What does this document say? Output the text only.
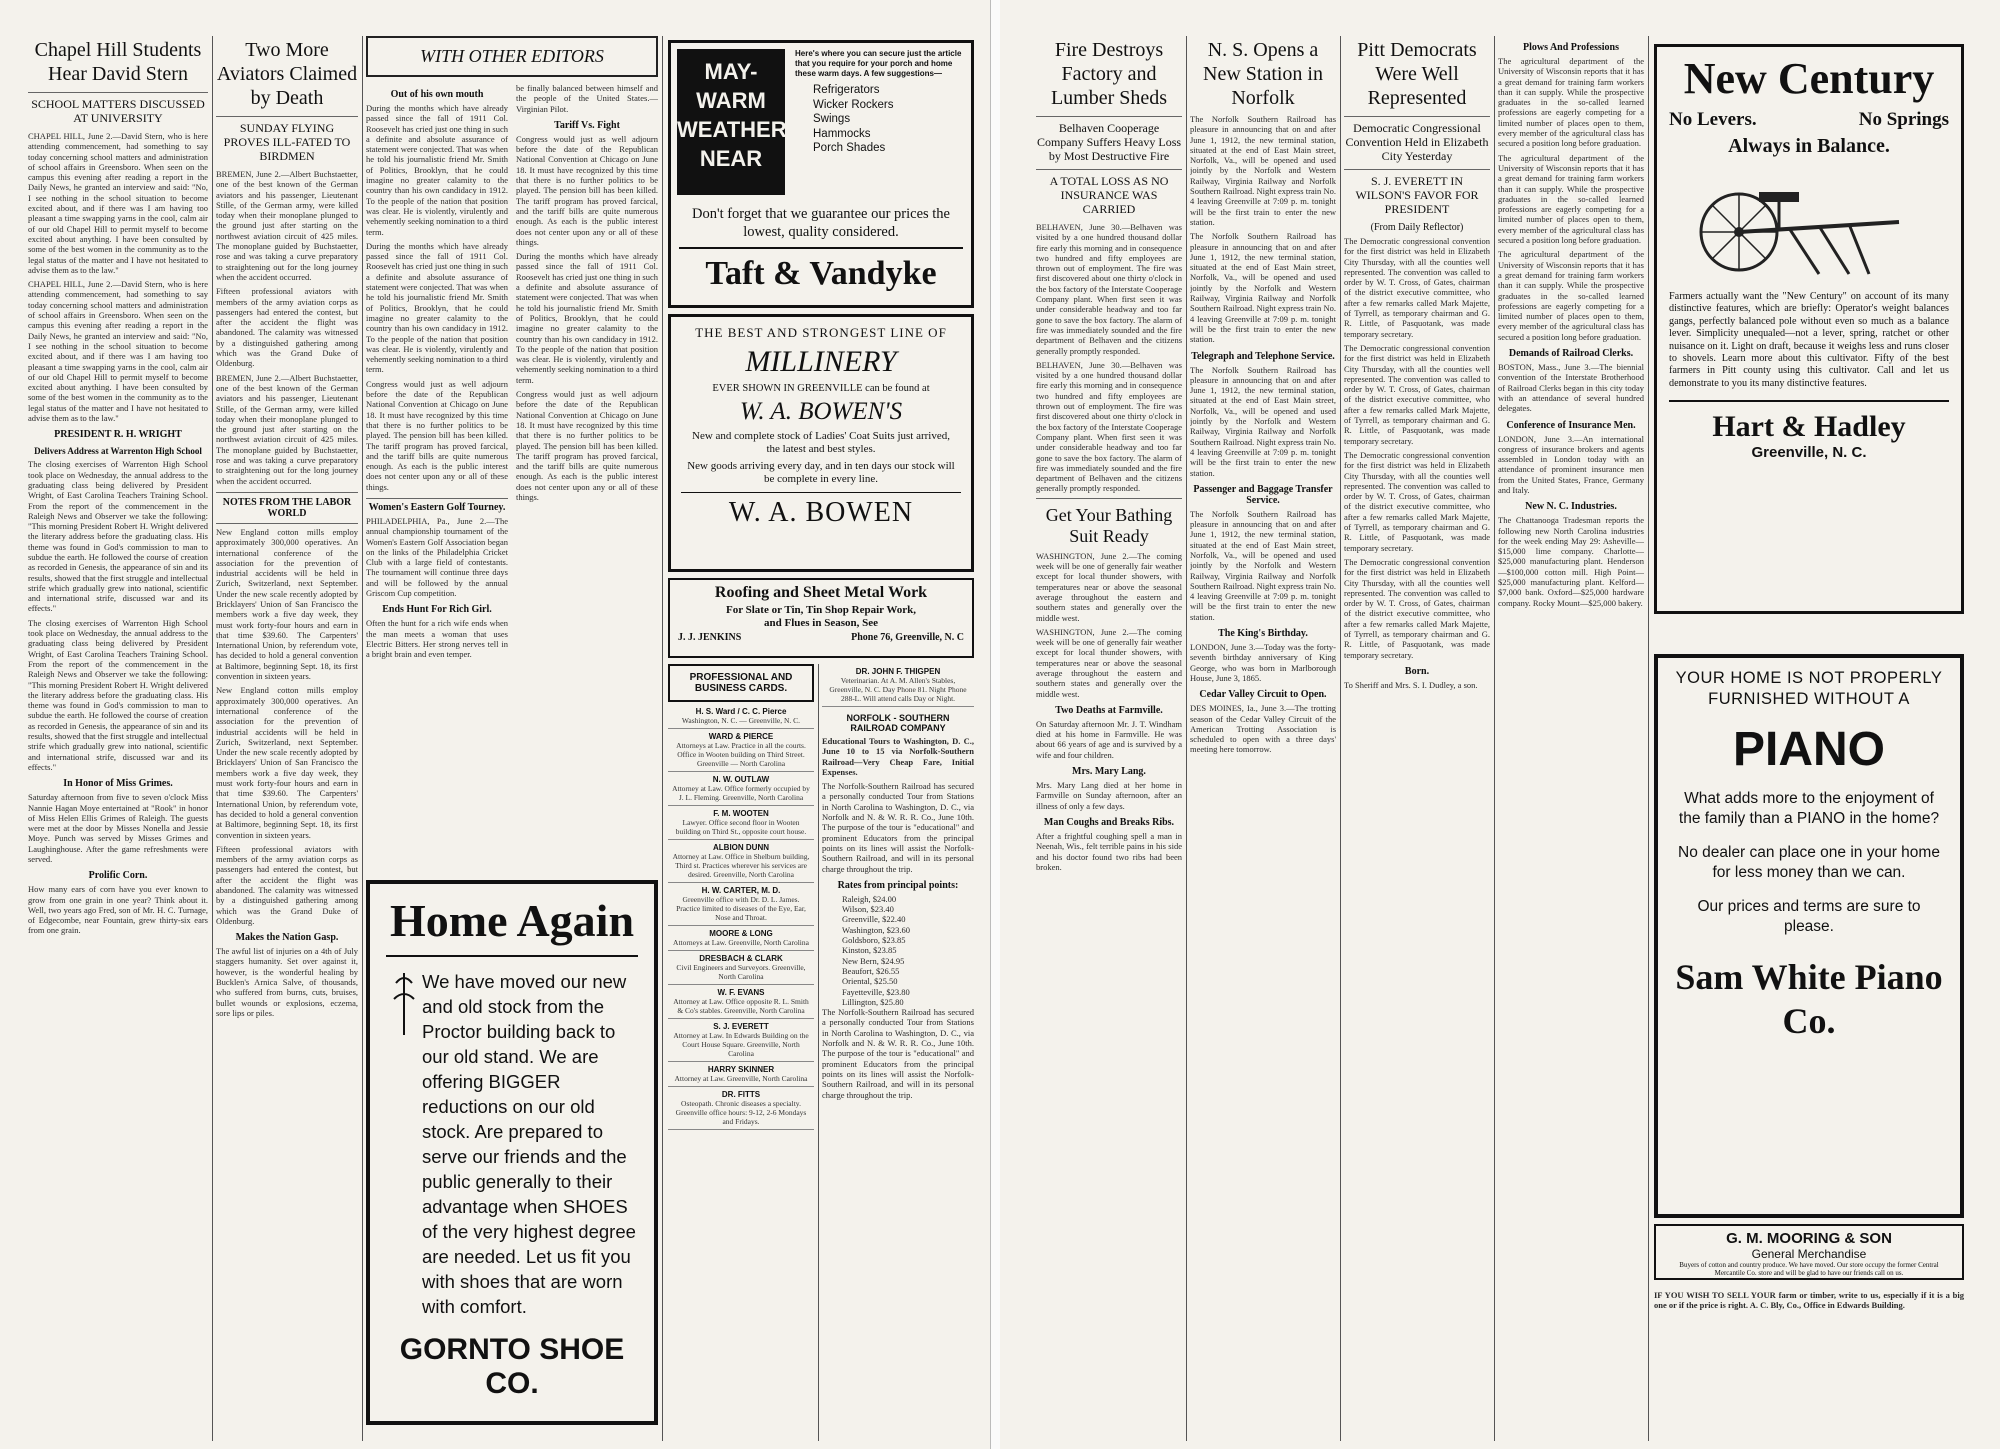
Chapel Hill Students Hear David Stern
SCHOOL MATTERS DISCUSSED AT UNIVERSITY

CHAPEL HILL, June 2.—David Stern, who is here attending commencement, had something to say today concerning school matters and administration of school affairs in Greensboro. When seen on the campus this evening after reading a report in the Daily News, he granted an interview and said: "No, I see nothing in the school situation to become excited about, and if there was I am having too pleasant a time swapping yarns in the cool, calm air of our old Chapel Hill to permit myself to become excited about anything. I have been consulted by some of the best women in the community as to the legal status of the matter and I have not hesitated to advise them as to the law."

CHAPEL HILL, June 2.—David Stern, who is here attending commencement, had something to say today concerning school matters and administration of school affairs in Greensboro. When seen on the campus this evening after reading a report in the Daily News, he granted an interview and said: "No, I see nothing in the school situation to become excited about, and if there was I am having too pleasant a time swapping yarns in the cool, calm air of our old Chapel Hill to permit myself to become excited about anything. I have been consulted by some of the best women in the community as to the legal status of the matter and I have not hesitated to advise them as to the law."

PRESIDENT R. H. WRIGHT
Delivers Address at Warrenton High School

The closing exercises of Warrenton High School took place on Wednesday, the annual address to the graduating class being delivered by President Wright, of East Carolina Teachers Training School. From the report of the commencement in the Raleigh News and Observer we take the following: "This morning President Robert H. Wright delivered the literary address before the graduating class. His theme was found in God's commission to man to subdue the earth. He followed the course of creation as recorded in Genesis, the appearance of sin and its results, showed that the first struggle and intellectual strife which gradually grew into national, scientific and international strife, discussed war and its effects."

The closing exercises of Warrenton High School took place on Wednesday, the annual address to the graduating class being delivered by President Wright, of East Carolina Teachers Training School. From the report of the commencement in the Raleigh News and Observer we take the following: "This morning President Robert H. Wright delivered the literary address before the graduating class. His theme was found in God's commission to man to subdue the earth. He followed the course of creation as recorded in Genesis, the appearance of sin and its results, showed that the first struggle and intellectual strife which gradually grew into national, scientific and international strife, discussed war and its effects."

In Honor of Miss Grimes.

Saturday afternoon from five to seven o'clock Miss Nannie Hagan Moye entertained at "Rook" in honor of Miss Helen Ellis Grimes of Raleigh. The guests were met at the door by Misses Nonella and Jessie Moye. Punch was served by Misses Grimes and Laughinghouse. After the game refreshments were served.

Prolific Corn.

How many ears of corn have you ever known to grow from one grain in one year? Think about it. Well, two years ago Fred, son of Mr. H. C. Turnage, of Edgecombe, near Fountain, grew thirty-six ears from one grain.

Two More Aviators Claimed by Death
SUNDAY FLYING PROVES ILL-FATED TO BIRDMEN

BREMEN, June 2.—Albert Buchstaetter, one of the best known of the German aviators and his passenger, Lieutenant Stille, of the German army, were killed today when their monoplane plunged to the ground just after starting on the northwest aviation circuit of 425 miles. The monoplane guided by Buchstaetter, rose and was taking a curve preparatory to straightening out for the long journey when the accident occurred.

Fifteen professional aviators with members of the army aviation corps as passengers had entered the contest, but after the accident the flight was abandoned. The calamity was witnessed by a distinguished gathering among which was the Grand Duke of Oldenburg.

BREMEN, June 2.—Albert Buchstaetter, one of the best known of the German aviators and his passenger, Lieutenant Stille, of the German army, were killed today when their monoplane plunged to the ground just after starting on the northwest aviation circuit of 425 miles. The monoplane guided by Buchstaetter, rose and was taking a curve preparatory to straightening out for the long journey when the accident occurred.

NOTES FROM THE LABOR WORLD

New England cotton mills employ approximately 300,000 operatives. An international conference of the association for the prevention of industrial accidents will be held in Zurich, Switzerland, next September. Under the new scale recently adopted by Bricklayers' Union of San Francisco the members work a five day week, they must work forty-four hours and earn in that time $39.60. The Carpenters' International Union, by referendum vote, has decided to hold a general convention at Baltimore, beginning Sept. 18, its first convention in sixteen years.

New England cotton mills employ approximately 300,000 operatives. An international conference of the association for the prevention of industrial accidents will be held in Zurich, Switzerland, next September. Under the new scale recently adopted by Bricklayers' Union of San Francisco the members work a five day week, they must work forty-four hours and earn in that time $39.60. The Carpenters' International Union, by referendum vote, has decided to hold a general convention at Baltimore, beginning Sept. 18, its first convention in sixteen years.

Fifteen professional aviators with members of the army aviation corps as passengers had entered the contest, but after the accident the flight was abandoned. The calamity was witnessed by a distinguished gathering among which was the Grand Duke of Oldenburg.

Makes the Nation Gasp.

The awful list of injuries on a 4th of July staggers humanity. Set over against it, however, is the wonderful healing by Bucklen's Arnica Salve, of thousands, who suffered from burns, cuts, bruises, bullet wounds or explosions, eczema, sore lips or piles.

WITH OTHER EDITORS
Out of his own mouth

During the months which have already passed since the fall of 1911 Col. Roosevelt has cried just one thing in such a definite and absolute assurance of statement were conjected. That was when he told his journalistic friend Mr. Smith of Politics, Brooklyn, that he could imagine no greater calamity to the country than his own candidacy in 1912. To the people of the nation that position was clear. He is violently, virulently and vehemently seeking nomination to a third term.

During the months which have already passed since the fall of 1911 Col. Roosevelt has cried just one thing in such a definite and absolute assurance of statement were conjected. That was when he told his journalistic friend Mr. Smith of Politics, Brooklyn, that he could imagine no greater calamity to the country than his own candidacy in 1912. To the people of the nation that position was clear. He is violently, virulently and vehemently seeking nomination to a third term.

Congress would just as well adjourn before the date of the Republican National Convention at Chicago on June 18. It must have recognized by this time that there is no further politics to be played. The pension bill has been killed. The tariff program has proved farcical, and the tariff bills are quite numerous enough. As each is the public interest does not center upon any or all of these things.

Women's Eastern Golf Tourney.

PHILADELPHIA, Pa., June 2.—The annual championship tournament of the Women's Eastern Golf Association began on the links of the Philadelphia Cricket Club with a large field of contestants. The tournament will continue three days and will be followed by the annual Griscom Cup competition.

Ends Hunt For Rich Girl.

Often the hunt for a rich wife ends when the man meets a woman that uses Electric Bitters. Her strong nerves tell in a bright brain and even temper.

be finally balanced between himself and the people of the United States.—Virginian Pilot.

Tariff Vs. Fight

Congress would just as well adjourn before the date of the Republican National Convention at Chicago on June 18. It must have recognized by this time that there is no further politics to be played. The pension bill has been killed. The tariff program has proved farcical, and the tariff bills are quite numerous enough. As each is the public interest does not center upon any or all of these things.

During the months which have already passed since the fall of 1911 Col. Roosevelt has cried just one thing in such a definite and absolute assurance of statement were conjected. That was when he told his journalistic friend Mr. Smith of Politics, Brooklyn, that he could imagine no greater calamity to the country than his own candidacy in 1912. To the people of the nation that position was clear. He is violently, virulently and vehemently seeking nomination to a third term.

Congress would just as well adjourn before the date of the Republican National Convention at Chicago on June 18. It must have recognized by this time that there is no further politics to be played. The pension bill has been killed. The tariff program has proved farcical, and the tariff bills are quite numerous enough. As each is the public interest does not center upon any or all of these things.

Home Again
We have moved our new and old stock from the Proctor building back to our old stand. We are offering BIGGER reductions on our old stock. Are prepared to serve our friends and the public generally to their advantage when SHOES of the very highest degree are needed. Let us fit you with shoes that are worn with comfort.
GORNTO SHOE CO.
MAY-
WARM
WEATHER
NEAR
Here's where you can secure just the article that you require for your porch and home these warm days. A few suggestions—
Refrigerators
Wicker Rockers
Swings
Hammocks
Porch Shades
Don't forget that we guarantee our prices the lowest, quality considered.
Taft & Vandyke
THE BEST AND STRONGEST LINE OF
MILLINERY
EVER SHOWN IN GREENVILLE can be found at
W. A. BOWEN'S
New and complete stock of Ladies' Coat Suits just arrived, the latest and best styles.
New goods arriving every day, and in ten days our stock will be complete in every line.
W. A. BOWEN
Roofing and Sheet Metal Work
For Slate or Tin, Tin Shop Repair Work, and Flues in Season, See
J. J. JENKINS	Phone 76, Greenville, N. C
PROFESSIONAL AND BUSINESS CARDS.
H. S. Ward / C. C. Pierce
Washington, N. C. — Greenville, N. C.
WARD & PIERCE
Attorneys at Law. Practice in all the courts. Office in Wooten building on Third Street. Greenville — North Carolina
N. W. OUTLAW
Attorney at Law. Office formerly occupied by J. L. Fleming. Greenville, North Carolina
F. M. WOOTEN
Lawyer. Office second floor in Wooten building on Third St., opposite court house.
ALBION DUNN
Attorney at Law. Office in Shelburn building, Third st. Practices wherever his services are desired. Greenville, North Carolina
H. W. CARTER, M. D.
Greenville office with Dr. D. L. James. Practice limited to diseases of the Eye, Ear, Nose and Throat.
MOORE & LONG
Attorneys at Law. Greenville, North Carolina
DRESBACH & CLARK
Civil Engineers and Surveyors. Greenville, North Carolina
W. F. EVANS
Attorney at Law. Office opposite R. L. Smith & Co's stables. Greenville, North Carolina
S. J. EVERETT
Attorney at Law. In Edwards Building on the Court House Square. Greenville, North Carolina
HARRY SKINNER
Attorney at Law. Greenville, North Carolina
DR. FITTS
Osteopath. Chronic diseases a specialty. Greenville office hours: 9-12, 2-6 Mondays and Fridays.
DR. JOHN F. THIGPEN
Veterinarian. At A. M. Allen's Stables, Greenville, N. C. Day Phone 81. Night Phone 288-L. Will attend calls Day or Night.
NORFOLK - SOUTHERN RAILROAD COMPANY

Educational Tours to Washington, D. C., June 10 to 15 via Norfolk-Southern Railroad—Very Cheap Fare, Initial Expenses.

The Norfolk-Southern Railroad has secured a personally conducted Tour from Stations in North Carolina to Washington, D. C., via Norfolk and N. & W. R. R. Co., June 10th. The purpose of the tour is "educational" and prominent Educators from the principal points on its lines will assist the Norfolk-Southern Railroad, and will in its personal charge throughout the trip.

Rates from principal points:
Raleigh, $24.00
Wilson, $23.40
Greenville, $22.40
Washington, $23.60
Goldsboro, $23.85
Kinston, $23.85
New Bern, $24.95
Beaufort, $26.55
Oriental, $25.50
Fayetteville, $23.80
Lillington, $25.80

The Norfolk-Southern Railroad has secured a personally conducted Tour from Stations in North Carolina to Washington, D. C., via Norfolk and N. & W. R. R. Co., June 10th. The purpose of the tour is "educational" and prominent Educators from the principal points on its lines will assist the Norfolk-Southern Railroad, and will in its personal charge throughout the trip.

Fire Destroys Factory and Lumber Sheds
Belhaven Cooperage Company Suffers Heavy Loss by Most Destructive Fire
A TOTAL LOSS AS NO INSURANCE WAS CARRIED

BELHAVEN, June 30.—Belhaven was visited by a one hundred thousand dollar fire early this morning and in consequence two hundred and fifty employees are thrown out of employment. The fire was first discovered about one thirty o'clock in the box factory of the Interstate Cooperage Company plant. When first seen it was under considerable headway and too far gone to save the box factory. The alarm of fire was immediately sounded and the fire department of Belhaven and the citizens generally promptly responded.

BELHAVEN, June 30.—Belhaven was visited by a one hundred thousand dollar fire early this morning and in consequence two hundred and fifty employees are thrown out of employment. The fire was first discovered about one thirty o'clock in the box factory of the Interstate Cooperage Company plant. When first seen it was under considerable headway and too far gone to save the box factory. The alarm of fire was immediately sounded and the fire department of Belhaven and the citizens generally promptly responded.

Get Your Bathing Suit Ready

WASHINGTON, June 2.—The coming week will be one of generally fair weather except for local thunder showers, with temperatures near or above the seasonal average throughout the eastern and southern states and generally over the middle west.

WASHINGTON, June 2.—The coming week will be one of generally fair weather except for local thunder showers, with temperatures near or above the seasonal average throughout the eastern and southern states and generally over the middle west.

Two Deaths at Farmville.

On Saturday afternoon Mr. J. T. Windham died at his home in Farmville. He was about 66 years of age and is survived by a wife and four children.

Mrs. Mary Lang.

Mrs. Mary Lang died at her home in Farmville on Sunday afternoon, after an illness of only a few days.

Man Coughs and Breaks Ribs.

After a frightful coughing spell a man in Neenah, Wis., felt terrible pains in his side and his doctor found two ribs had been broken.

N. S. Opens a New Station in Norfolk

The Norfolk Southern Railroad has pleasure in announcing that on and after June 1, 1912, the new terminal station, situated at the end of East Main street, Norfolk, Va., will be opened and used jointly by the Norfolk and Western Railway, Virginia Railway and Norfolk Southern Railroad. Night express train No. 4 leaving Greenville at 7:09 p. m. tonight will be the first train to enter the new station.

The Norfolk Southern Railroad has pleasure in announcing that on and after June 1, 1912, the new terminal station, situated at the end of East Main street, Norfolk, Va., will be opened and used jointly by the Norfolk and Western Railway, Virginia Railway and Norfolk Southern Railroad. Night express train No. 4 leaving Greenville at 7:09 p. m. tonight will be the first train to enter the new station.

Telegraph and Telephone Service.

The Norfolk Southern Railroad has pleasure in announcing that on and after June 1, 1912, the new terminal station, situated at the end of East Main street, Norfolk, Va., will be opened and used jointly by the Norfolk and Western Railway, Virginia Railway and Norfolk Southern Railroad. Night express train No. 4 leaving Greenville at 7:09 p. m. tonight will be the first train to enter the new station.

Passenger and Baggage Transfer Service.

The Norfolk Southern Railroad has pleasure in announcing that on and after June 1, 1912, the new terminal station, situated at the end of East Main street, Norfolk, Va., will be opened and used jointly by the Norfolk and Western Railway, Virginia Railway and Norfolk Southern Railroad. Night express train No. 4 leaving Greenville at 7:09 p. m. tonight will be the first train to enter the new station.

The King's Birthday.

LONDON, June 3.—Today was the forty-seventh birthday anniversary of King George, who was born in Marlborough House, June 3, 1865.

Cedar Valley Circuit to Open.

DES MOINES, Ia., June 3.—The trotting season of the Cedar Valley Circuit of the American Trotting Association is scheduled to open with a three days' meeting here tomorrow.

Pitt Democrats Were Well Represented
Democratic Congressional Convention Held in Elizabeth City Yesterday
S. J. EVERETT IN WILSON'S FAVOR FOR PRESIDENT
(From Daily Reflector)

The Democratic congressional convention for the first district was held in Elizabeth City Thursday, with all the counties well represented. The convention was called to order by W. T. Cross, of Gates, chairman of the district executive committee, who after a few remarks called Mark Majette, of Tyrrell, as temporary chairman and G. R. Little, of Pasquotank, was made temporary secretary.

The Democratic congressional convention for the first district was held in Elizabeth City Thursday, with all the counties well represented. The convention was called to order by W. T. Cross, of Gates, chairman of the district executive committee, who after a few remarks called Mark Majette, of Tyrrell, as temporary chairman and G. R. Little, of Pasquotank, was made temporary secretary.

The Democratic congressional convention for the first district was held in Elizabeth City Thursday, with all the counties well represented. The convention was called to order by W. T. Cross, of Gates, chairman of the district executive committee, who after a few remarks called Mark Majette, of Tyrrell, as temporary chairman and G. R. Little, of Pasquotank, was made temporary secretary.

The Democratic congressional convention for the first district was held in Elizabeth City Thursday, with all the counties well represented. The convention was called to order by W. T. Cross, of Gates, chairman of the district executive committee, who after a few remarks called Mark Majette, of Tyrrell, as temporary chairman and G. R. Little, of Pasquotank, was made temporary secretary.

Born.

To Sheriff and Mrs. S. I. Dudley, a son.

Plows And Professions

The agricultural department of the University of Wisconsin reports that it has a great demand for training farm workers than it can supply. While the prospective graduates in the so-called learned professions are eagerly competing for a limited number of places open to them, every member of the agricultural class has secured a position long before graduation.

The agricultural department of the University of Wisconsin reports that it has a great demand for training farm workers than it can supply. While the prospective graduates in the so-called learned professions are eagerly competing for a limited number of places open to them, every member of the agricultural class has secured a position long before graduation.

The agricultural department of the University of Wisconsin reports that it has a great demand for training farm workers than it can supply. While the prospective graduates in the so-called learned professions are eagerly competing for a limited number of places open to them, every member of the agricultural class has secured a position long before graduation.

Demands of Railroad Clerks.

BOSTON, Mass., June 3.—The biennial convention of the Interstate Brotherhood of Railroad Clerks began in this city today with an attendance of several hundred delegates.

Conference of Insurance Men.

LONDON, June 3.—An international congress of insurance brokers and agents assembled in London today with an attendance of prominent insurance men from the United States, France, Germany and Italy.

New N. C. Industries.

The Chattanooga Tradesman reports the following new North Carolina industries for the week ending May 29: Asheville—$15,000 lime company. Charlotte—$25,000 manufacturing plant. Henderson—$100,000 cotton mill. High Point—$25,000 manufacturing plant. Kelford—$7,000 bank. Oxford—$25,000 hardware company. Rocky Mount—$25,000 bakery.

New Century
No Levers.	No Springs
Always in Balance.
Farmers actually want the "New Century" on account of its many distinctive features, which are briefly: Operator's weight balances gangs, perfectly balanced pole without even so much as a balance lever. Simplicity unequaled—not a lever, spring, ratchet or other nuisance on it. Light on draft, because it weighs less and runs closer to shovels. Learn more about this cultivator. Fifty of the best farmers in Pitt county using this cultivator. Call and let us demonstrate to you its many distinctive features.
Hart & Hadley
Greenville, N. C.
YOUR HOME IS NOT PROPERLY FURNISHED WITHOUT A
PIANO
What adds more to the enjoyment of the family than a PIANO in the home?
No dealer can place one in your home for less money than we can.
Our prices and terms are sure to please.
Sam White Piano Co.
G. M. MOORING & SON
General Merchandise
Buyers of cotton and country produce. We have moved. Our store occupy the former Central Mercantile Co. store and will be glad to have our friends call on us.

IF YOU WISH TO SELL YOUR farm or timber, write to us, especially if it is a big one or if the price is right. A. C. Bly, Co., Office in Edwards Building.
